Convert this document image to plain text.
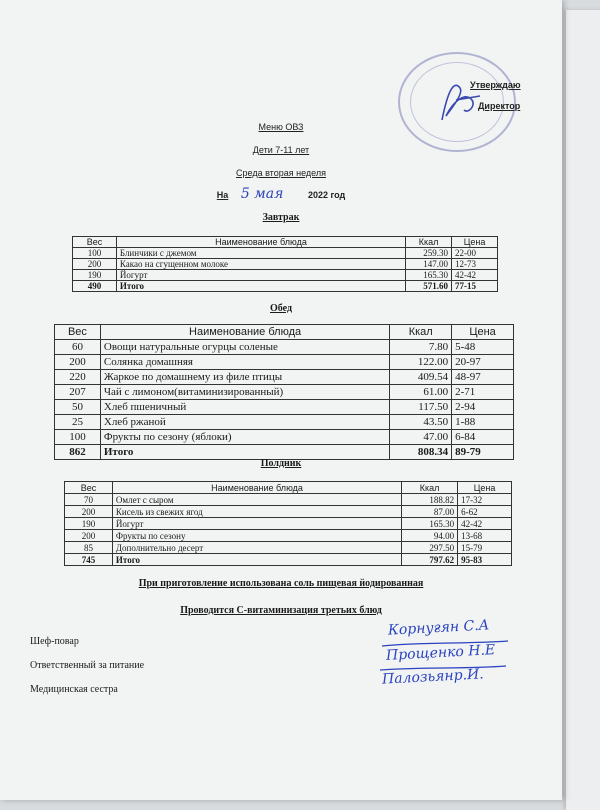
Утверждаю
Директор
Меню ОВЗ
Дети 7-11 лет
Среда вторая неделя
На 5 мая	2022 год
Завтрак
Вес	Наименование блюда	Ккал	Цена
100	Блинчики с джемом	259.30	22-00
200	Какао на сгущенном молоке	147.00	12-73
190	Йогурт	165.30	42-42
490	Итого	571.60	77-15
Обед
Вес	Наименование блюда	Ккал	Цена
60	Овощи натуральные огурцы соленые	7.80	5-48
200	Солянка домашняя	122.00	20-97
220	Жаркое по домашнему из филе птицы	409.54	48-97
207	Чай с лимоном(витаминизированный)	61.00	2-71
50	Хлеб пшеничный	117.50	2-94
25	Хлеб ржаной	43.50	1-88
100	Фрукты по сезону (яблоки)	47.00	6-84
862	Итого	808.34	89-79
Полдник
Вес	Наименование блюда	Ккал	Цена
70	Омлет с сыром	188.82	17-32
200	Кисель из свежих ягод	87.00	6-62
190	Йогурт	165.30	42-42
200	Фрукты по сезону	94.00	13-68
85	Дополнительно десерт	297.50	15-79
745	Итого	797.62	95-83
При приготовление использована соль пищевая йодированная
Проводится С-витаминизация третьих блюд
Шеф-повар
Ответственный за питание
Медицинская сестра
Корнуғян С.А
Прощенко Н.Е
Палозьянр.И.
